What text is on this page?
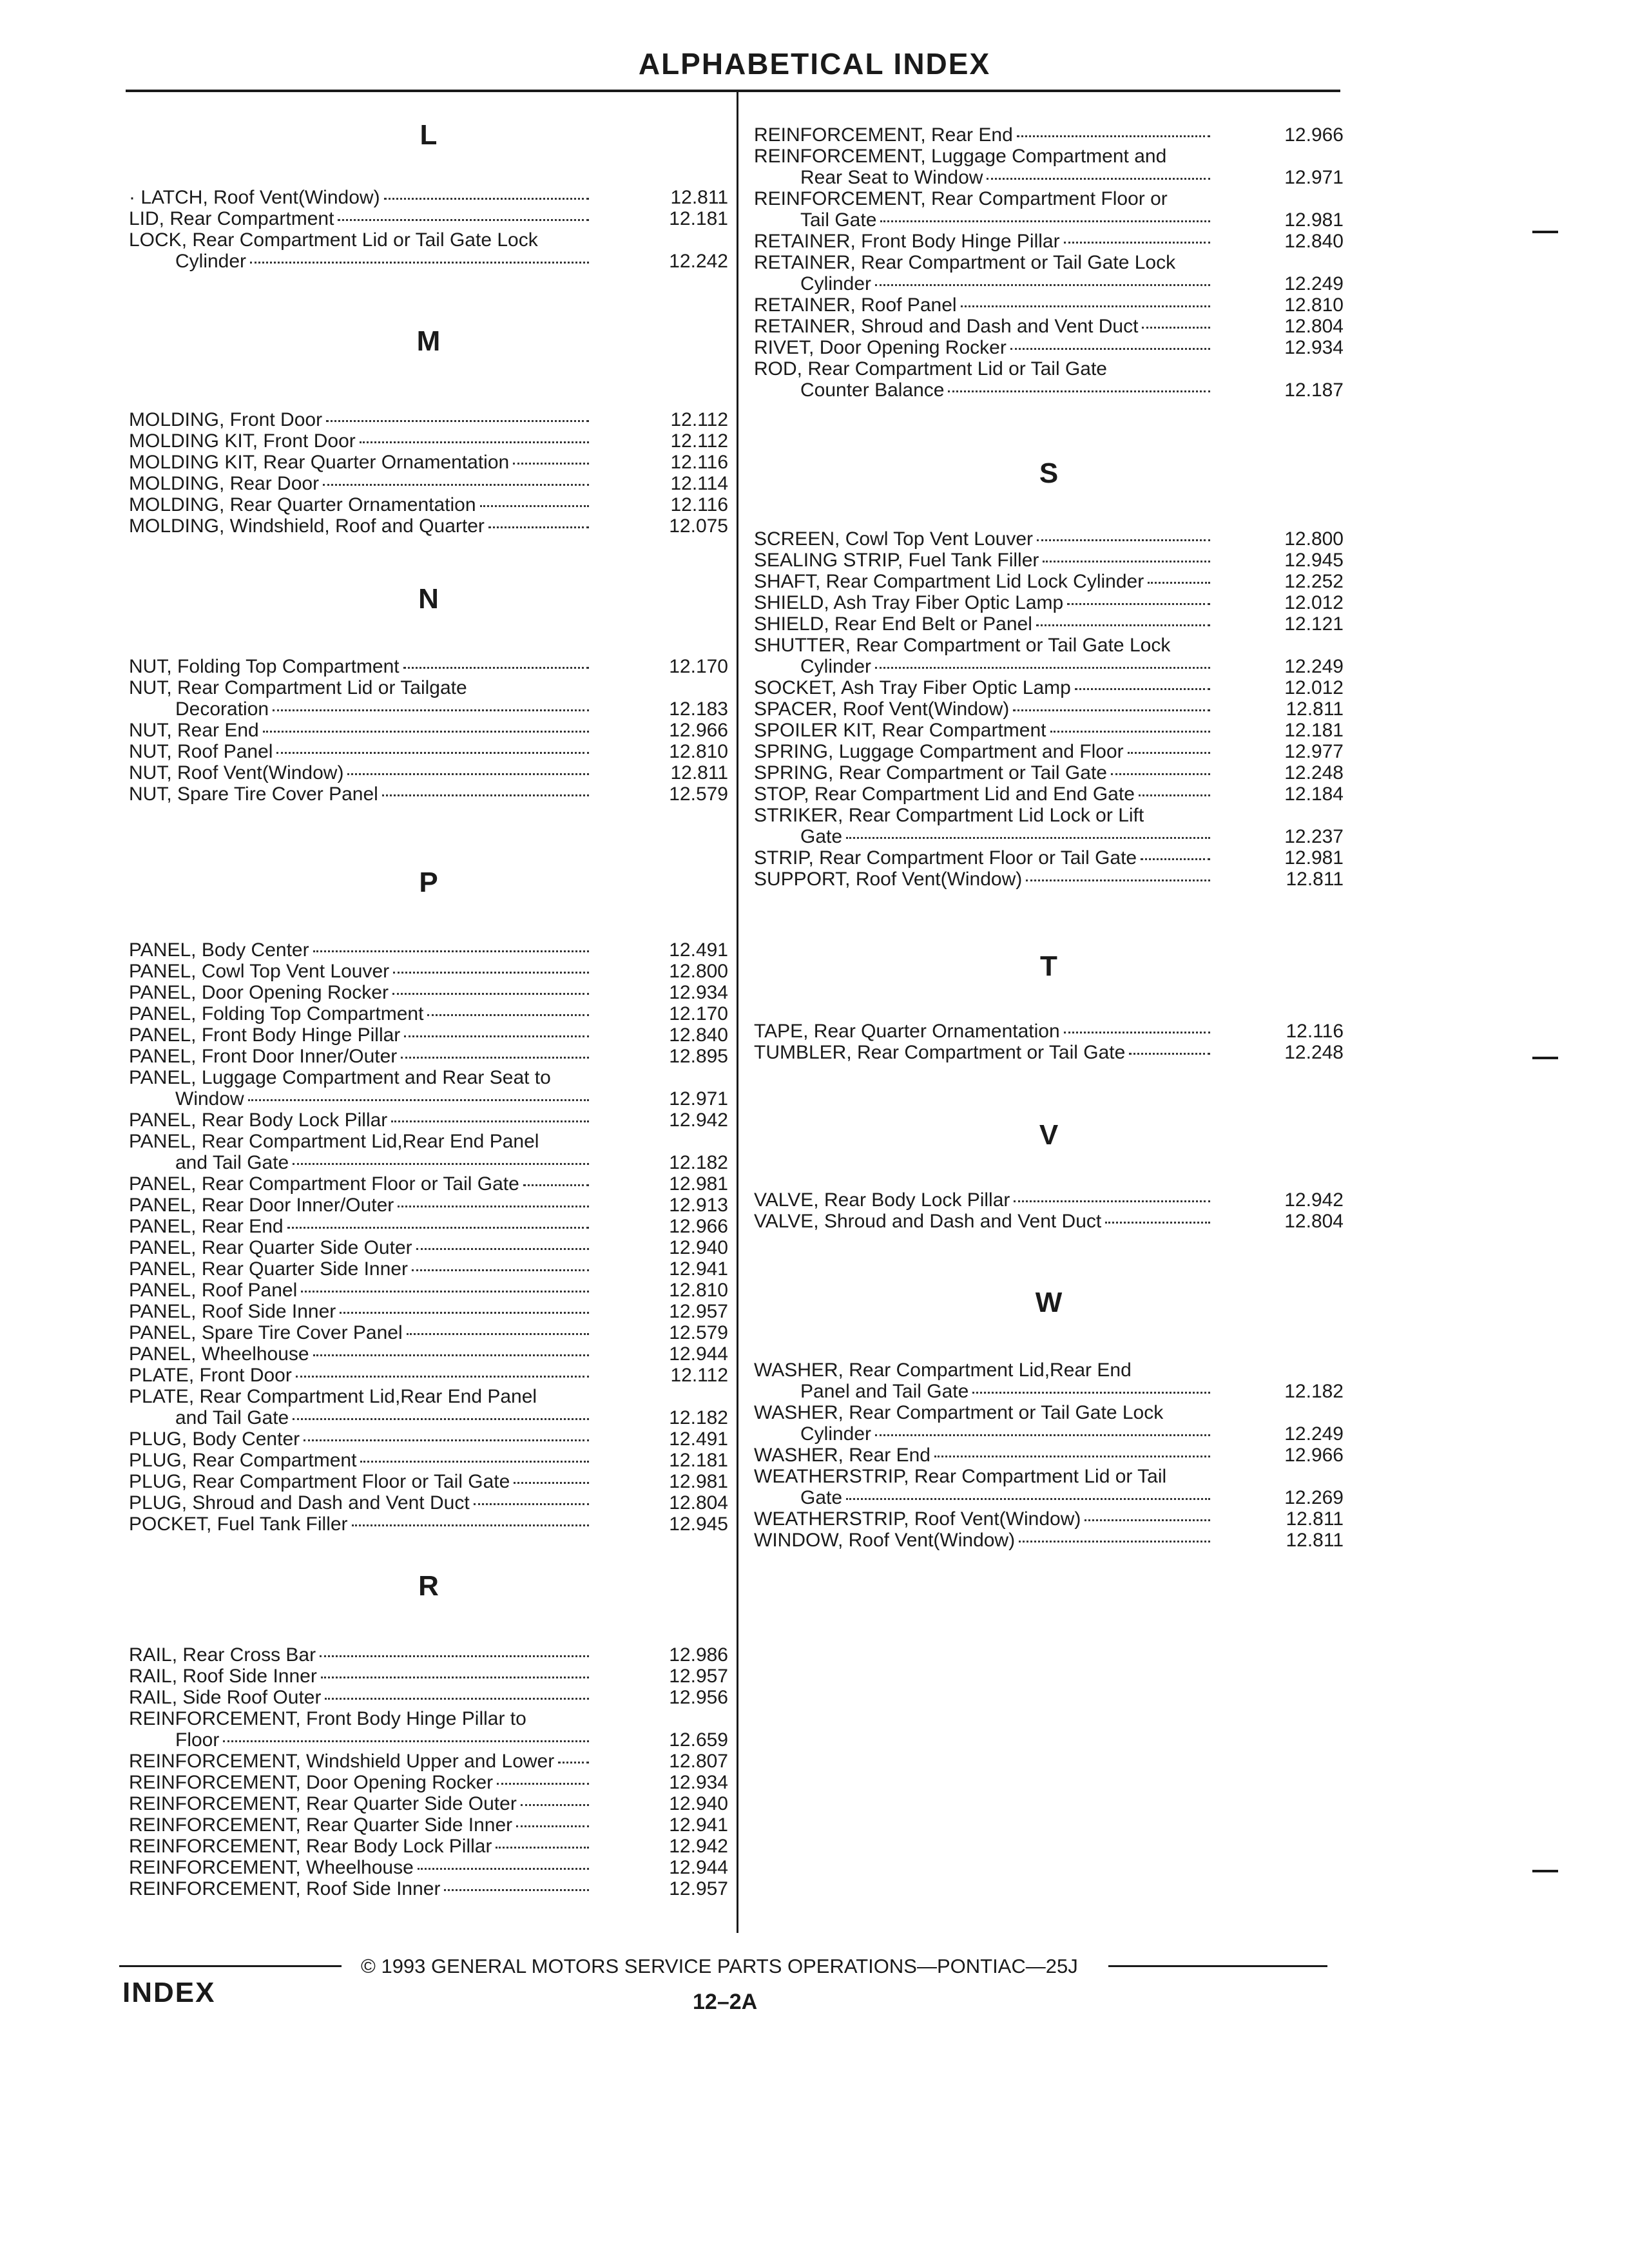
ALPHABETICAL INDEX
L
· LATCH, Roof Vent(Window)	12.811
LID, Rear Compartment	12.181
LOCK, Rear Compartment Lid or Tail Gate Lock
Cylinder	12.242
M
MOLDING, Front Door	12.112
MOLDING KIT, Front Door	12.112
MOLDING KIT, Rear Quarter Ornamentation	12.116
MOLDING, Rear Door	12.114
MOLDING, Rear Quarter Ornamentation	12.116
MOLDING, Windshield, Roof and Quarter	12.075
N
NUT, Folding Top Compartment	12.170
NUT, Rear Compartment Lid or Tailgate
Decoration	12.183
NUT, Rear End	12.966
NUT, Roof Panel	12.810
NUT, Roof Vent(Window)	12.811
NUT, Spare Tire Cover Panel	12.579
P
PANEL, Body Center	12.491
PANEL, Cowl Top Vent Louver	12.800
PANEL, Door Opening Rocker	12.934
PANEL, Folding Top Compartment	12.170
PANEL, Front Body Hinge Pillar	12.840
PANEL, Front Door Inner/Outer	12.895
PANEL, Luggage Compartment and Rear Seat to
Window	12.971
PANEL, Rear Body Lock Pillar	12.942
PANEL, Rear Compartment Lid,Rear End Panel
and Tail Gate	12.182
PANEL, Rear Compartment Floor or Tail Gate	12.981
PANEL, Rear Door Inner/Outer	12.913
PANEL, Rear End	12.966
PANEL, Rear Quarter Side Outer	12.940
PANEL, Rear Quarter Side Inner	12.941
PANEL, Roof Panel	12.810
PANEL, Roof Side Inner	12.957
PANEL, Spare Tire Cover Panel	12.579
PANEL, Wheelhouse	12.944
PLATE, Front Door	12.112
PLATE, Rear Compartment Lid,Rear End Panel
and Tail Gate	12.182
PLUG, Body Center	12.491
PLUG, Rear Compartment	12.181
PLUG, Rear Compartment Floor or Tail Gate	12.981
PLUG, Shroud and Dash and Vent Duct	12.804
POCKET, Fuel Tank Filler	12.945
R
RAIL, Rear Cross Bar	12.986
RAIL, Roof Side Inner	12.957
RAIL, Side Roof Outer	12.956
REINFORCEMENT, Front Body Hinge Pillar to
Floor	12.659
REINFORCEMENT, Windshield Upper and Lower	12.807
REINFORCEMENT, Door Opening Rocker	12.934
REINFORCEMENT, Rear Quarter Side Outer	12.940
REINFORCEMENT, Rear Quarter Side Inner	12.941
REINFORCEMENT, Rear Body Lock Pillar	12.942
REINFORCEMENT, Wheelhouse	12.944
REINFORCEMENT, Roof Side Inner	12.957
REINFORCEMENT, Rear End	12.966
REINFORCEMENT, Luggage Compartment and
Rear Seat to Window	12.971
REINFORCEMENT, Rear Compartment Floor or
Tail Gate	12.981
RETAINER, Front Body Hinge Pillar	12.840
RETAINER, Rear Compartment or Tail Gate Lock
Cylinder	12.249
RETAINER, Roof Panel	12.810
RETAINER, Shroud and Dash and Vent Duct	12.804
RIVET, Door Opening Rocker	12.934
ROD, Rear Compartment Lid or Tail Gate
Counter Balance	12.187
S
SCREEN, Cowl Top Vent Louver	12.800
SEALING STRIP, Fuel Tank Filler	12.945
SHAFT, Rear Compartment Lid Lock Cylinder	12.252
SHIELD, Ash Tray Fiber Optic Lamp	12.012
SHIELD, Rear End Belt or Panel	12.121
SHUTTER, Rear Compartment or Tail Gate Lock
Cylinder	12.249
SOCKET, Ash Tray Fiber Optic Lamp	12.012
SPACER, Roof Vent(Window)	12.811
SPOILER KIT, Rear Compartment	12.181
SPRING, Luggage Compartment and Floor	12.977
SPRING, Rear Compartment or Tail Gate	12.248
STOP, Rear Compartment Lid and End Gate	12.184
STRIKER, Rear Compartment Lid Lock or Lift
Gate	12.237
STRIP, Rear Compartment Floor or Tail Gate	12.981
SUPPORT, Roof Vent(Window)	12.811
T
TAPE, Rear Quarter Ornamentation	12.116
TUMBLER, Rear Compartment or Tail Gate	12.248
V
VALVE, Rear Body Lock Pillar	12.942
VALVE, Shroud and Dash and Vent Duct	12.804
W
WASHER, Rear Compartment Lid,Rear End
Panel and Tail Gate	12.182
WASHER, Rear Compartment or Tail Gate Lock
Cylinder	12.249
WASHER, Rear End	12.966
WEATHERSTRIP, Rear Compartment Lid or Tail
Gate	12.269
WEATHERSTRIP, Roof Vent(Window)	12.811
WINDOW, Roof Vent(Window)	12.811
© 1993 GENERAL MOTORS SERVICE PARTS OPERATIONS—PONTIAC—25J
INDEX	12–2A
